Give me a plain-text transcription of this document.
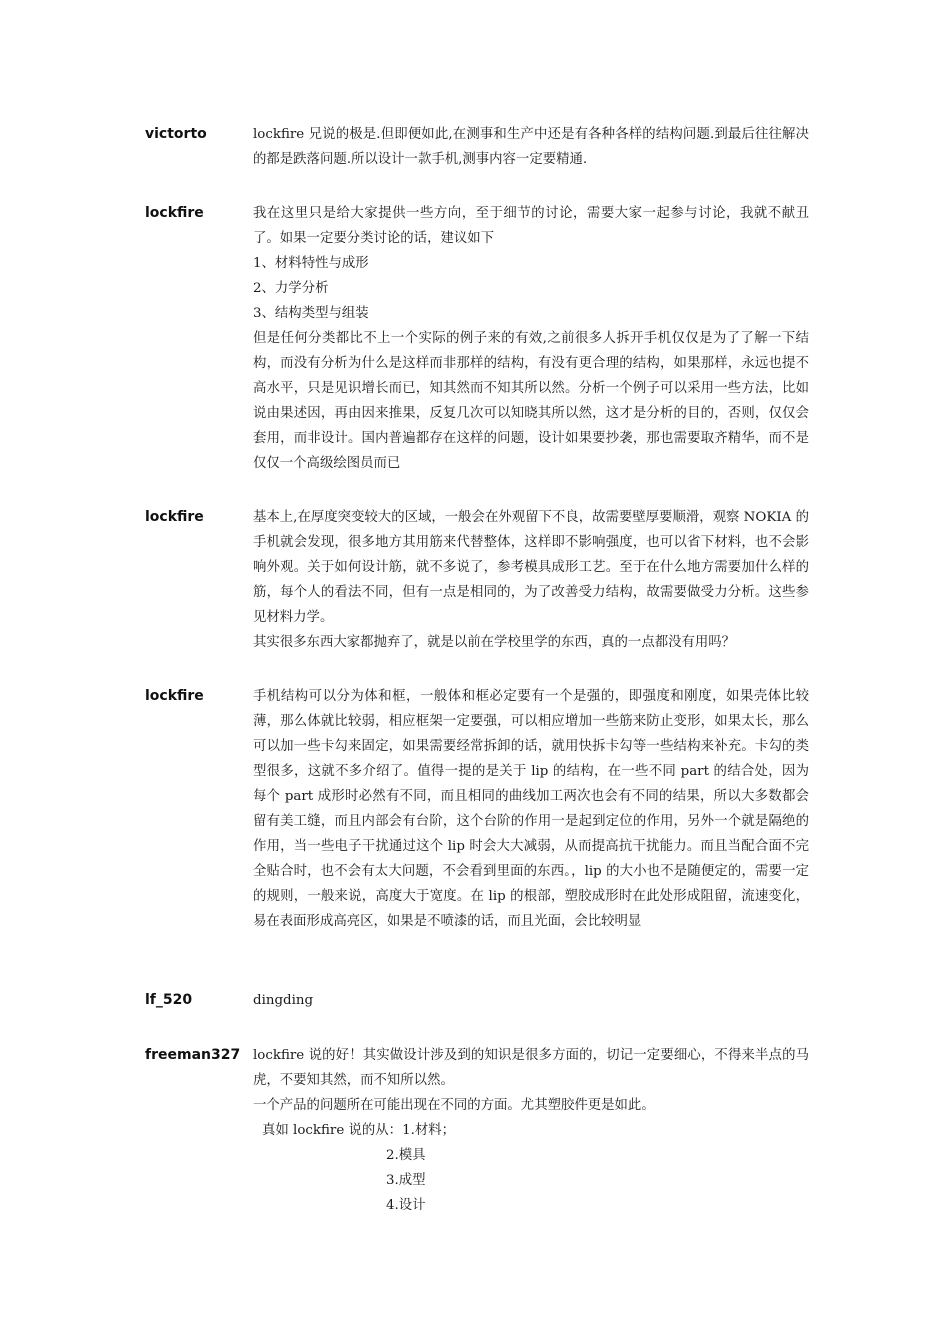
victorto	lockfire 兄说的极是.但即便如此,在测事和生产中还是有各种各样的结构问题.到最后往往解决的都是跌落问题.所以设计一款手机,测事内容一定要精通.
lockfire	我在这里只是给大家提供一些方向，至于细节的讨论，需要大家一起参与讨论，我就不献丑了。如果一定要分类讨论的话，建议如下
1、材料特性与成形
2、力学分析
3、结构类型与组装
但是任何分类都比不上一个实际的例子来的有效,之前很多人拆开手机仅仅是为了了解一下结构，而没有分析为什么是这样而非那样的结构，有没有更合理的结构，如果那样，永远也提不高水平，只是见识增长而已，知其然而不知其所以然。分析一个例子可以采用一些方法，比如说由果述因，再由因来推果，反复几次可以知晓其所以然，这才是分析的目的，否则，仅仅会套用，而非设计。国内普遍都存在这样的问题，设计如果要抄袭，那也需要取齐精华，而不是仅仅一个高级绘图员而已
lockfire	基本上,在厚度突变较大的区域，一般会在外观留下不良，故需要壁厚要顺滑，观察 NOKIA 的手机就会发现，很多地方其用筋来代替整体，这样即不影响强度，也可以省下材料，也不会影响外观。关于如何设计筋，就不多说了，参考模具成形工艺。至于在什么地方需要加什么样的筋，每个人的看法不同，但有一点是相同的，为了改善受力结构，故需要做受力分析。这些参见材料力学。
其实很多东西大家都抛弃了，就是以前在学校里学的东西，真的一点都没有用吗？
lockfire	手机结构可以分为体和框，一般体和框必定要有一个是强的，即强度和刚度，如果壳体比较薄，那么体就比较弱，相应框架一定要强，可以相应增加一些筋来防止变形，如果太长，那么可以加一些卡勾来固定，如果需要经常拆卸的话，就用快拆卡勾等一些结构来补充。卡勾的类型很多，这就不多介绍了。值得一提的是关于 lip 的结构，在一些不同 part 的结合处，因为每个 part 成形时必然有不同，而且相同的曲线加工两次也会有不同的结果，所以大多数都会留有美工缝，而且内部会有台阶，这个台阶的作用一是起到定位的作用，另外一个就是隔绝的作用，当一些电子干扰通过这个 lip 时会大大减弱，从而提高抗干扰能力。而且当配合面不完全贴合时，也不会有太大问题，不会看到里面的东西。，lip 的大小也不是随便定的，需要一定的规则，一般来说，高度大于宽度。在 lip 的根部，塑胶成形时在此处形成阻留，流速变化，易在表面形成高亮区，如果是不喷漆的话，而且光面，会比较明显
lf_520	dingding
freeman327 lockfire 说的好！其实做设计涉及到的知识是很多方面的，切记一定要细心，不得来半点的马虎，不要知其然，而不知所以然。
一个产品的问题所在可能出现在不同的方面。尤其塑胶件更是如此。
真如 lockfire 说的从：1.材料；
2.模具
3.成型
4.设计
